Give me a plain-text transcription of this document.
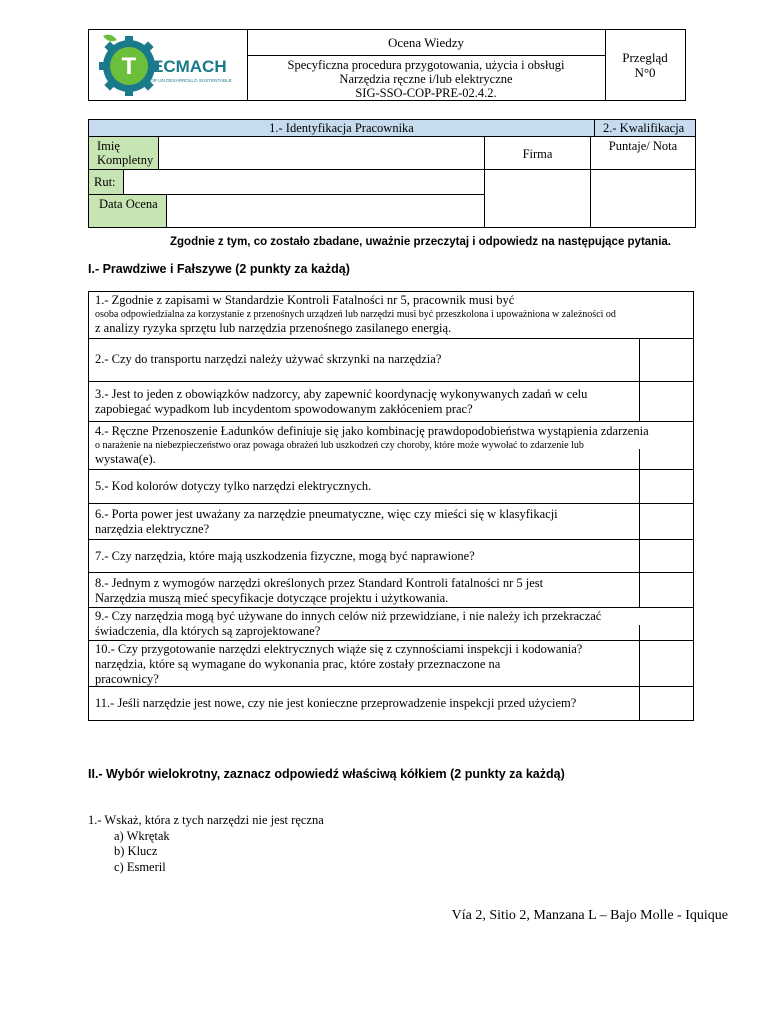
T ECMACH
POR UN DESARROLLO SUSTENTABLE
Ocena Wiedzy
Specyficzna procedura przygotowania, użycia i obsługi
Narzędzia ręczne i/lub elektryczne
SIG-SSO-COP-PRE-02.4.2.
Przegląd
N°0
1.- Identyfikacja Pracownika	2.- Kwalifikacja
Imię Kompletny	Firma
Puntaje/ Nota
Rut:
Data Ocena
Zgodnie z tym, co zostało zbadane, uważnie przeczytaj i odpowiedz na następujące pytania.
I.- Prawdziwe i Fałszywe (2 punkty za każdą)
1.- Zgodnie z zapisami w Standardzie Kontroli Fatalności nr 5, pracownik musi być
osoba odpowiedzialna za korzystanie z przenośnych urządzeń lub narzędzi musi być przeszkolona i upoważniona w zależności od
z analizy ryzyka sprzętu lub narzędzia przenośnego zasilanego energią.
2.- Czy do transportu narzędzi należy używać skrzynki na narzędzia?
3.- Jest to jeden z obowiązków nadzorcy, aby zapewnić koordynację wykonywanych zadań w celu
zapobiegać wypadkom lub incydentom spowodowanym zakłóceniem prac?
4.- Ręczne Przenoszenie Ładunków definiuje się jako kombinację prawdopodobieństwa wystąpienia zdarzenia
o narażenie na niebezpieczeństwo oraz powaga obrażeń lub uszkodzeń czy choroby, które może wywołać to zdarzenie lub
wystawa(e).
5.- Kod kolorów dotyczy tylko narzędzi elektrycznych.
6.- Porta power jest uważany za narzędzie pneumatyczne, więc czy mieści się w klasyfikacji
narzędzia elektryczne?
7.- Czy narzędzia, które mają uszkodzenia fizyczne, mogą być naprawione?
8.- Jednym z wymogów narzędzi określonych przez Standard Kontroli fatalności nr 5 jest
Narzędzia muszą mieć specyfikacje dotyczące projektu i użytkowania.
9.- Czy narzędzia mogą być używane do innych celów niż przewidziane, i nie należy ich przekraczać
świadczenia, dla których są zaprojektowane?
10.- Czy przygotowanie narzędzi elektrycznych wiąże się z czynnościami inspekcji i kodowania?
narzędzia, które są wymagane do wykonania prac, które zostały przeznaczone na
pracownicy?
11.- Jeśli narzędzie jest nowe, czy nie jest konieczne przeprowadzenie inspekcji przed użyciem?
II.- Wybór wielokrotny, zaznacz odpowiedź właściwą kółkiem (2 punkty za każdą)
1.- Wskaż, która z tych narzędzi nie jest ręczna
a) Wkrętak
b) Klucz
c) Esmeril
Vía 2, Sitio 2, Manzana L – Bajo Molle - Iquique
